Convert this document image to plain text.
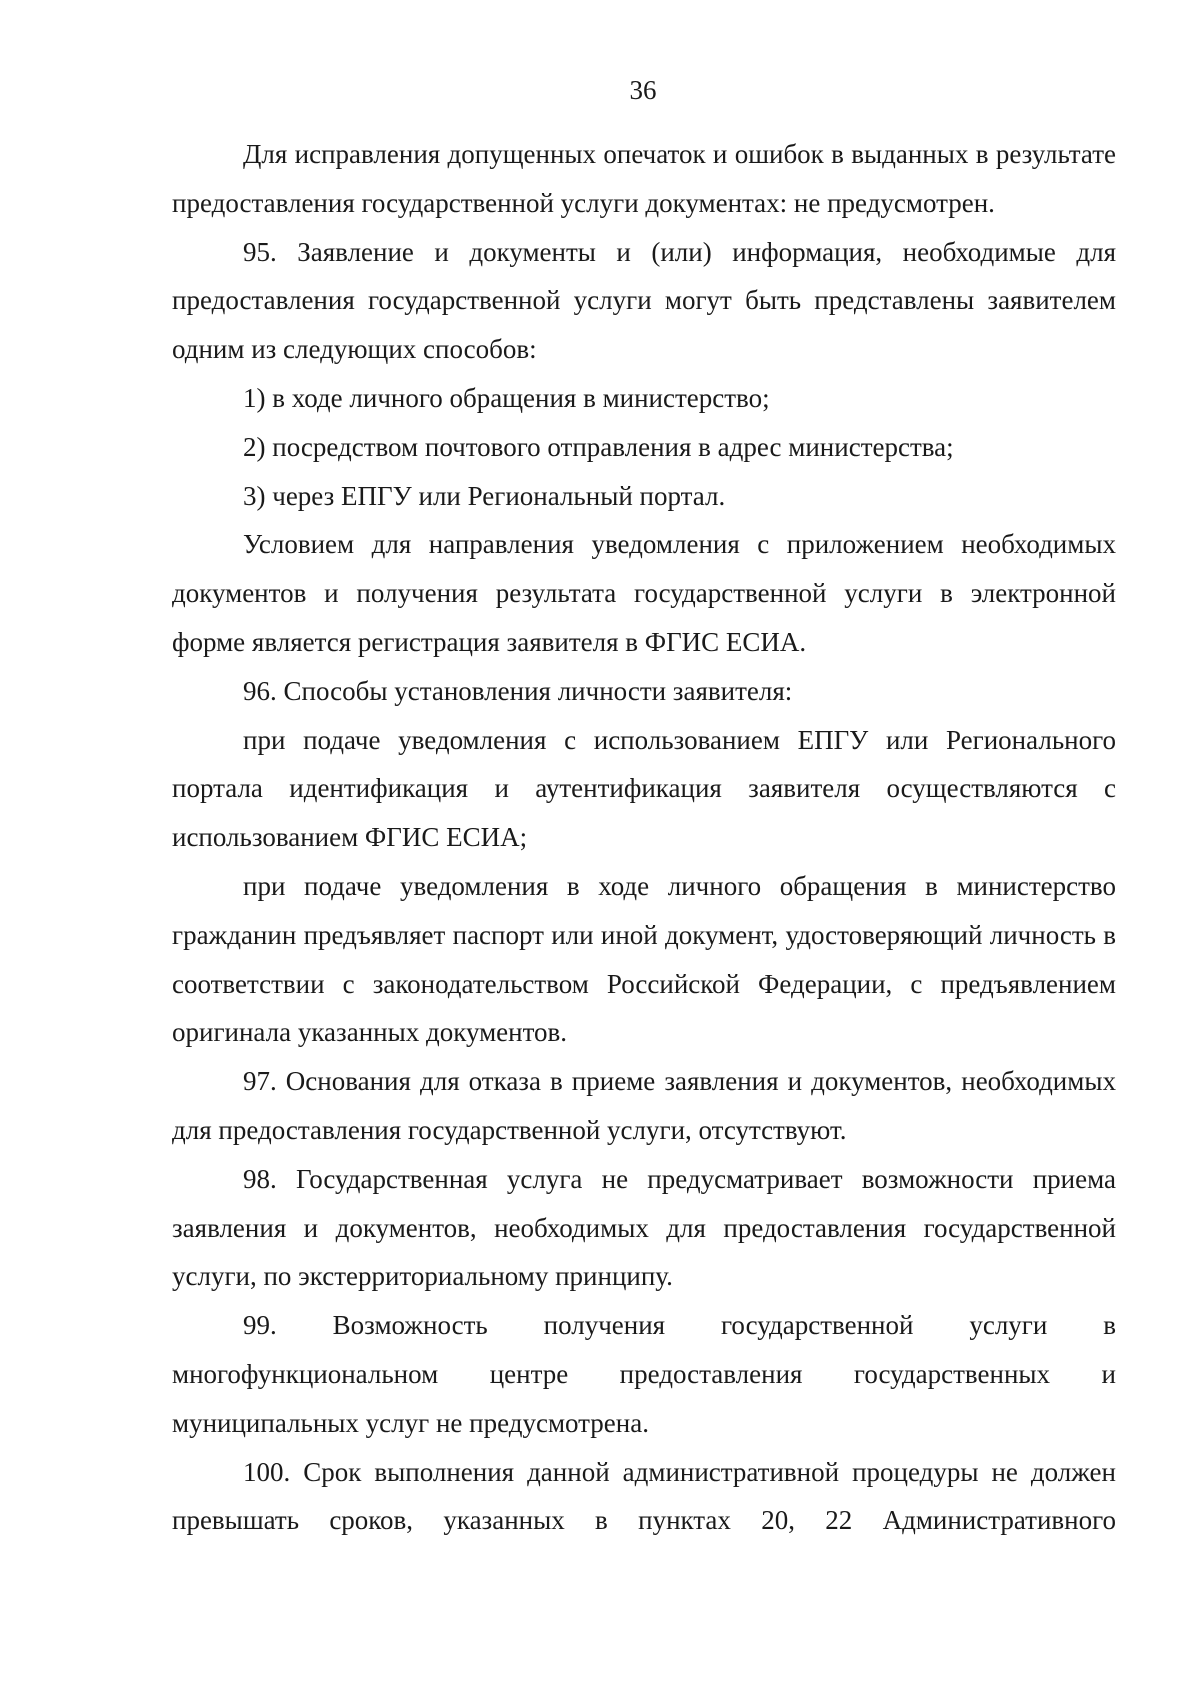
36

Для исправления допущенных опечаток и ошибок в выданных в результате предоставления государственной услуги документах: не предусмотрен.

95. Заявление и документы и (или) информация, необходимые для предоставления государственной услуги могут быть представлены заявителем одним из следующих способов:

1) в ходе личного обращения в министерство;

2) посредством почтового отправления в адрес министерства;

3) через ЕПГУ или Региональный портал.

Условием для направления уведомления с приложением необходимых документов и получения результата государственной услуги в электронной форме является регистрация заявителя в ФГИС ЕСИА.

96. Способы установления личности заявителя:

при подаче уведомления с использованием ЕПГУ или Регионального портала идентификация и аутентификация заявителя осуществляются с использованием ФГИС ЕСИА;

при подаче уведомления в ходе личного обращения в министерство гражданин предъявляет паспорт или иной документ, удостоверяющий личность в соответствии с законодательством Российской Федерации, с предъявлением оригинала указанных документов.

97. Основания для отказа в приеме заявления и документов, необходимых для предоставления государственной услуги, отсутствуют.

98. Государственная услуга не предусматривает возможности приема заявления и документов, необходимых для предоставления государственной услуги, по экстерриториальному принципу.

99. Возможность получения государственной услуги в многофункциональном центре предоставления государственных и муниципальных услуг не предусмотрена.

100. Срок выполнения данной административной процедуры не должен превышать сроков, указанных в пунктах 20, 22 Административного
